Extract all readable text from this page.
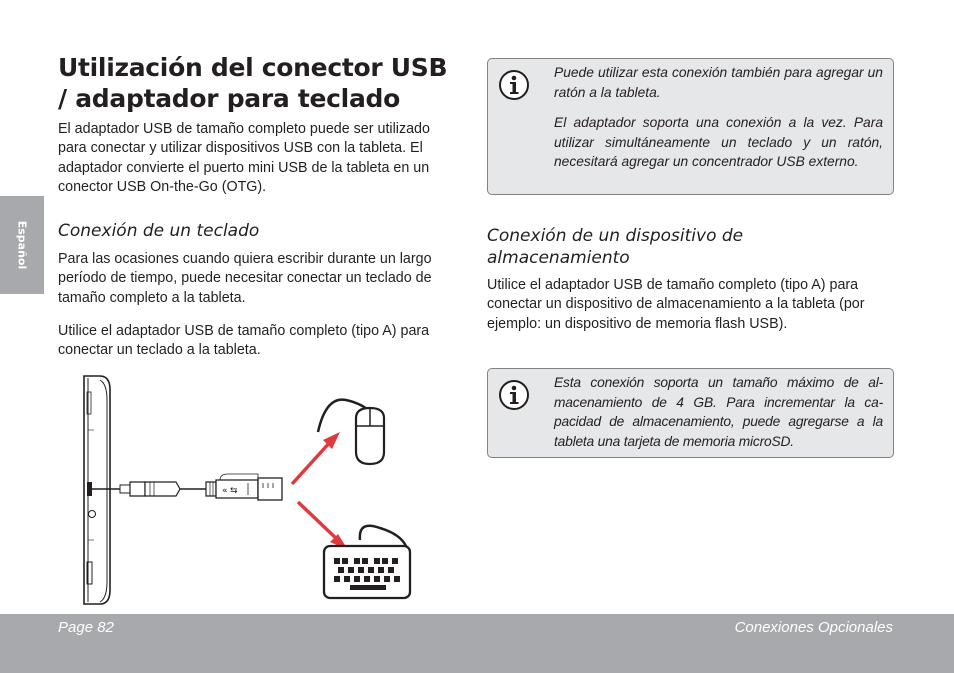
Español
Utilización del conector USB / adaptador para teclado

El adaptador USB de tamaño completo puede ser utilizado para conectar y utilizar dispositivos USB con la tableta. El adaptador convierte el puerto mini USB de la tableta en un conector USB On-the-Go (OTG).

Conexión de un teclado

Para las ocasiones cuando quiera escribir durante un largo período de tiempo, puede necesitar conectar un teclado de tamaño completo a la tableta.

Utilice el adaptador USB de tamaño completo (tipo A) para conectar un teclado a la tableta.

« ⇆

Puede utilizar esta conexión también para agregar un ratón a la tableta.

El adaptador soporta una conexión a la vez. Para utilizar simultáneamente un teclado y un ratón, necesitará agregar un concentrador USB externo.

Conexión de un dispositivo de almacenamiento

Utilice el adaptador USB de tamaño completo (tipo A) para conectar un dispositivo de almacenamiento a la tableta (por ejemplo: un dispositivo de memoria flash USB).

Esta conexión soporta un tamaño máximo de al-macenamiento de 4 GB. Para incrementar la ca-pacidad de almacenamiento, puede agregarse a la tableta una tarjeta de memoria microSD.

Page 82	Conexiones Opcionales
